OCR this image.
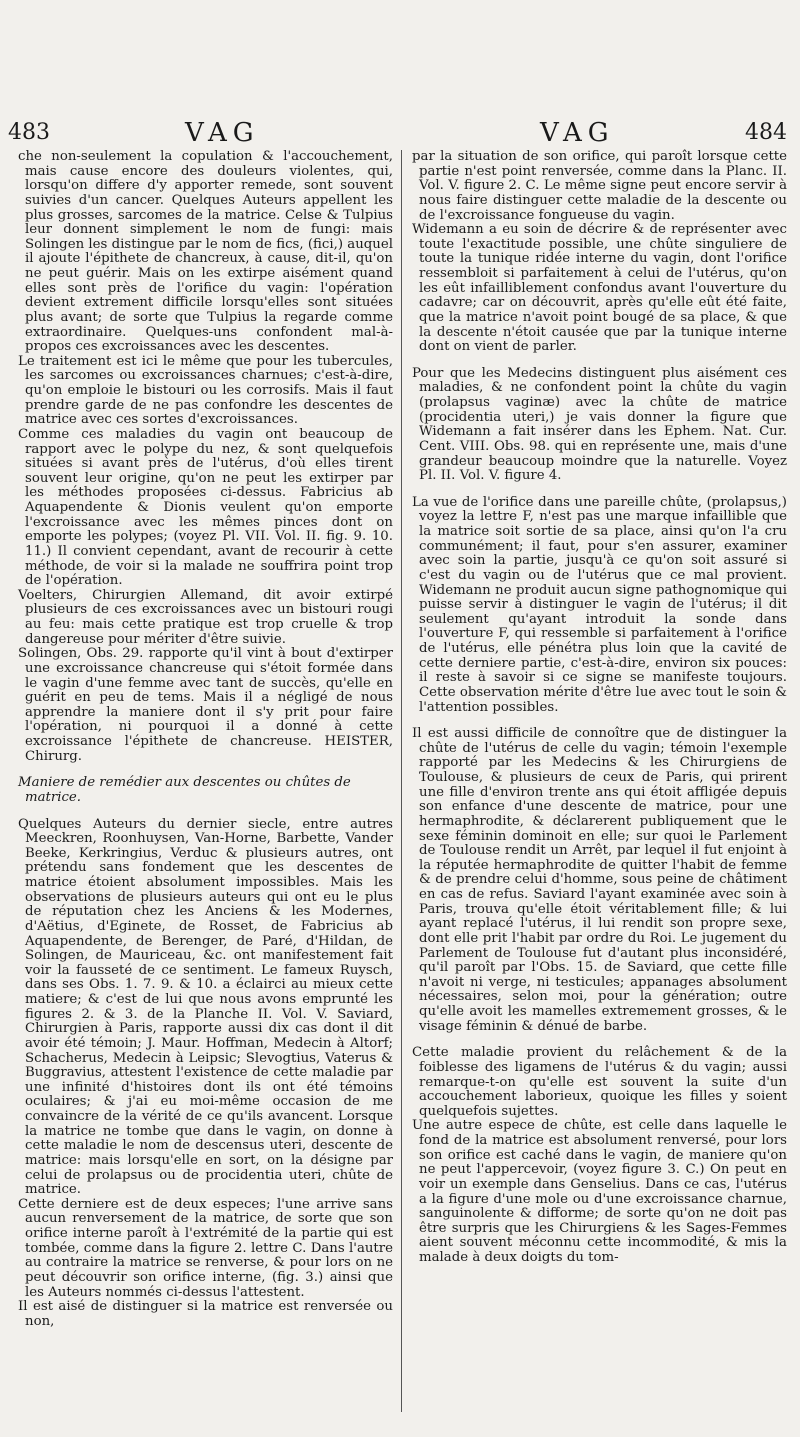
483	VAG	VAG	484

che non-seulement la copulation & l'accouchement, mais cause encore des douleurs violentes, qui, lorsqu'on differe d'y apporter remede, sont souvent suivies d'un cancer. Quelques Auteurs appellent les plus grosses, sarcomes de la matrice. Celse & Tulpius leur donnent simplement le nom de fungi: mais Solingen les distingue par le nom de fics, (fici,) auquel il ajoute l'épithete de chancreux, à cause, dit-il, qu'on ne peut guérir. Mais on les extirpe aisément quand elles sont près de l'orifice du vagin: l'opération devient extrement difficile lorsqu'elles sont situées plus avant; de sorte que Tulpius la regarde comme extraordinaire. Quelques-uns confondent mal-à-propos ces excroissances avec les descentes.

Le traitement est ici le même que pour les tubercules, les sarcomes ou excroissances charnues; c'est-à-dire, qu'on emploie le bistouri ou les corrosifs. Mais il faut prendre garde de ne pas confondre les descentes de matrice avec ces sortes d'excroissances.

Comme ces maladies du vagin ont beaucoup de rapport avec le polype du nez, & sont quelquefois situées si avant près de l'utérus, d'où elles tirent souvent leur origine, qu'on ne peut les extirper par les méthodes proposées ci-dessus. Fabricius ab Aquapendente & Dionis veulent qu'on emporte l'excroissance avec les mêmes pinces dont on emporte les polypes; (voyez Pl. VII. Vol. II. fig. 9. 10. 11.) Il convient cependant, avant de recourir à cette méthode, de voir si la malade ne souffrira point trop de l'opération.

Voelters, Chirurgien Allemand, dit avoir extirpé plusieurs de ces excroissances avec un bistouri rougi au feu: mais cette pratique est trop cruelle & trop dangereuse pour mériter d'être suivie.

Solingen, Obs. 29. rapporte qu'il vint à bout d'extirper une excroissance chancreuse qui s'étoit formée dans le vagin d'une femme avec tant de succès, qu'elle en guérit en peu de tems. Mais il a négligé de nous apprendre la maniere dont il s'y prit pour faire l'opération, ni pourquoi il a donné à cette excroissance l'épithete de chancreuse. HEISTER, Chirurg.

Maniere de remédier aux descentes ou chûtes de matrice.

Quelques Auteurs du dernier siecle, entre autres Meeckren, Roonhuysen, Van-Horne, Barbette, Vander Beeke, Kerkringius, Verduc & plusieurs autres, ont prétendu sans fondement que les descentes de matrice étoient absolument impossibles. Mais les observations de plusieurs auteurs qui ont eu le plus de réputation chez les Anciens & les Modernes, d'Aëtius, d'Eginete, de Rosset, de Fabricius ab Aquapendente, de Berenger, de Paré, d'Hildan, de Solingen, de Mauriceau, &c. ont manifestement fait voir la fausseté de ce sentiment. Le fameux Ruysch, dans ses Obs. 1. 7. 9. & 10. a éclairci au mieux cette matiere; & c'est de lui que nous avons emprunté les figures 2. & 3. de la Planche II. Vol. V. Saviard, Chirurgien à Paris, rapporte aussi dix cas dont il dit avoir été témoin; J. Maur. Hoffman, Medecin à Altorf; Schacherus, Medecin à Leipsic; Slevogtius, Vaterus & Buggravius, attestent l'existence de cette maladie par une infinité d'histoires dont ils ont été témoins oculaires; & j'ai eu moi-même occasion de me convaincre de la vérité de ce qu'ils avancent. Lorsque la matrice ne tombe que dans le vagin, on donne à cette maladie le nom de descensus uteri, descente de matrice: mais lorsqu'elle en sort, on la désigne par celui de prolapsus ou de procidentia uteri, chûte de matrice.

Cette derniere est de deux especes; l'une arrive sans aucun renversement de la matrice, de sorte que son orifice interne paroît à l'extrémité de la partie qui est tombée, comme dans la figure 2. lettre C. Dans l'autre au contraire la matrice se renverse, & pour lors on ne peut découvrir son orifice interne, (fig. 3.) ainsi que les Auteurs nommés ci-dessus l'attestent.

Il est aisé de distinguer si la matrice est renversée ou non,

par la situation de son orifice, qui paroît lorsque cette partie n'est point renversée, comme dans la Planc. II. Vol. V. figure 2. C. Le même signe peut encore servir à nous faire distinguer cette maladie de la descente ou de l'excroissance fongueuse du vagin.

Widemann a eu soin de décrire & de représenter avec toute l'exactitude possible, une chûte singuliere de toute la tunique ridée interne du vagin, dont l'orifice ressembloit si parfaitement à celui de l'utérus, qu'on les eût infailliblement confondus avant l'ouverture du cadavre; car on découvrit, après qu'elle eût été faite, que la matrice n'avoit point bougé de sa place, & que la descente n'étoit causée que par la tunique interne dont on vient de parler.

Pour que les Medecins distinguent plus aisément ces maladies, & ne confondent point la chûte du vagin (prolapsus vaginæ) avec la chûte de matrice (procidentia uteri,) je vais donner la figure que Widemann a fait insérer dans les Ephem. Nat. Cur. Cent. VIII. Obs. 98. qui en représente une, mais d'une grandeur beaucoup moindre que la naturelle. Voyez Pl. II. Vol. V. figure 4.

La vue de l'orifice dans une pareille chûte, (prolapsus,) voyez la lettre F, n'est pas une marque infaillible que la matrice soit sortie de sa place, ainsi qu'on l'a cru communément; il faut, pour s'en assurer, examiner avec soin la partie, jusqu'à ce qu'on soit assuré si c'est du vagin ou de l'utérus que ce mal provient. Widemann ne produit aucun signe pathognomique qui puisse servir à distinguer le vagin de l'utérus; il dit seulement qu'ayant introduit la sonde dans l'ouverture F, qui ressemble si parfaitement à l'orifice de l'utérus, elle pénétra plus loin que la cavité de cette derniere partie, c'est-à-dire, environ six pouces: il reste à savoir si ce signe se manifeste toujours. Cette observation mérite d'être lue avec tout le soin & l'attention possibles.

Il est aussi difficile de connoître que de distinguer la chûte de l'utérus de celle du vagin; témoin l'exemple rapporté par les Medecins & les Chirurgiens de Toulouse, & plusieurs de ceux de Paris, qui prirent une fille d'environ trente ans qui étoit affligée depuis son enfance d'une descente de matrice, pour une hermaphrodite, & déclarerent publiquement que le sexe féminin dominoit en elle; sur quoi le Parlement de Toulouse rendit un Arrêt, par lequel il fut enjoint à la réputée hermaphrodite de quitter l'habit de femme & de prendre celui d'homme, sous peine de châtiment en cas de refus. Saviard l'ayant examinée avec soin à Paris, trouva qu'elle étoit véritablement fille; & lui ayant replacé l'utérus, il lui rendit son propre sexe, dont elle prit l'habit par ordre du Roi. Le jugement du Parlement de Toulouse fut d'autant plus inconsidéré, qu'il paroît par l'Obs. 15. de Saviard, que cette fille n'avoit ni verge, ni testicules; appanages absolument nécessaires, selon moi, pour la génération; outre qu'elle avoit les mamelles extremement grosses, & le visage féminin & dénué de barbe.

Cette maladie provient du relâchement & de la foiblesse des ligamens de l'utérus & du vagin; aussi remarque-t-on qu'elle est souvent la suite d'un accouchement laborieux, quoique les filles y soient quelquefois sujettes.

Une autre espece de chûte, est celle dans laquelle le fond de la matrice est absolument renversé, pour lors son orifice est caché dans le vagin, de maniere qu'on ne peut l'appercevoir, (voyez figure 3. C.) On peut en voir un exemple dans Genselius. Dans ce cas, l'utérus a la figure d'une mole ou d'une excroissance charnue, sanguinolente & difforme; de sorte qu'on ne doit pas être surpris que les Chirurgiens & les Sages-Femmes aient souvent méconnu cette incommodité, & mis la malade à deux doigts du tom-
